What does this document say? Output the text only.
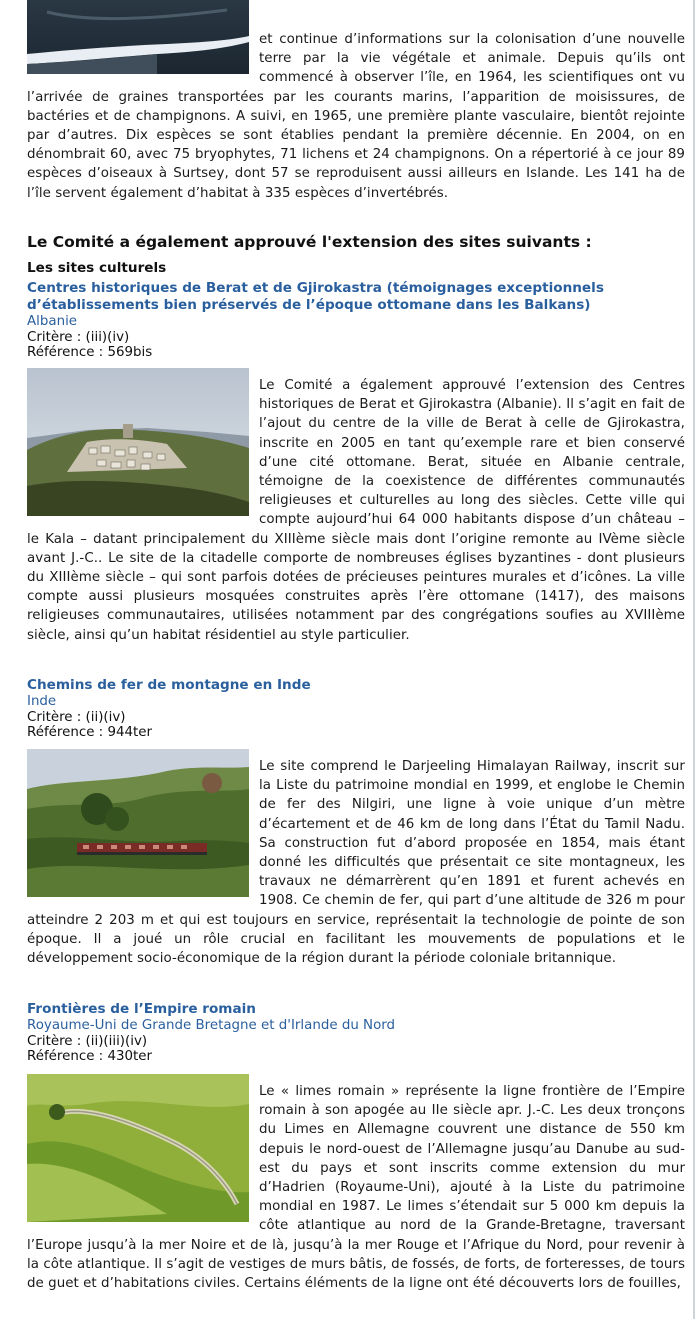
et continue d’informations sur la colonisation d’une nouvelle terre par la vie végétale et animale. Depuis qu’ils ont commencé à observer l’île, en 1964, les scientifiques ont vu l’arrivée de graines transportées par les courants marins, l’apparition de moisissures, de bactéries et de champignons. A suivi, en 1965, une première plante vasculaire, bientôt rejointe par d’autres. Dix espèces se sont établies pendant la première décennie. En 2004, on en dénombrait 60, avec 75 bryophytes, 71 lichens et 24 champignons. On a répertorié à ce jour 89 espèces d’oiseaux à Surtsey, dont 57 se reproduisent aussi ailleurs en Islande. Les 141 ha de l’île servent également d’habitat à 335 espèces d’invertébrés.

Le Comité a également approuvé l'extension des sites suivants :
Les sites culturels
Centres historiques de Berat et de Gjirokastra (témoignages exceptionnels d’établissements bien préservés de l’époque ottomane dans les Balkans)

Albanie

Critère : (iii)(iv)

Référence : 569bis

Le Comité a également approuvé l’extension des Centres historiques de Berat et Gjirokastra (Albanie). Il s’agit en fait de l’ajout du centre de la ville de Berat à celle de Gjirokastra, inscrite en 2005 en tant qu’exemple rare et bien conservé d’une cité ottomane. Berat, située en Albanie centrale, témoigne de la coexistence de différentes communautés religieuses et culturelles au long des siècles. Cette ville qui compte aujourd’hui 64 000 habitants dispose d’un château – le Kala – datant principalement du XIIIème siècle mais dont l’origine remonte au IVème siècle avant J.-C.. Le site de la citadelle comporte de nombreuses églises byzantines - dont plusieurs du XIIIème siècle – qui sont parfois dotées de précieuses peintures murales et d’icônes. La ville compte aussi plusieurs mosquées construites après l’ère ottomane (1417), des maisons religieuses communautaires, utilisées notamment par des congrégations soufies au XVIIIème siècle, ainsi qu’un habitat résidentiel au style particulier.

Chemins de fer de montagne en Inde

Inde

Critère : (ii)(iv)

Référence : 944ter

Le site comprend le Darjeeling Himalayan Railway, inscrit sur la Liste du patrimoine mondial en 1999, et englobe le Chemin de fer des Nilgiri, une ligne à voie unique d’un mètre d’écartement et de 46 km de long dans l’État du Tamil Nadu. Sa construction fut d’abord proposée en 1854, mais étant donné les difficultés que présentait ce site montagneux, les travaux ne démarrèrent qu’en 1891 et furent achevés en 1908. Ce chemin de fer, qui part d’une altitude de 326 m pour atteindre 2 203 m et qui est toujours en service, représentait la technologie de pointe de son époque. Il a joué un rôle crucial en facilitant les mouvements de populations et le développement socio-économique de la région durant la période coloniale britannique.

Frontières de l’Empire romain

Royaume-Uni de Grande Bretagne et d'Irlande du Nord

Critère : (ii)(iii)(iv)

Référence : 430ter

Le « limes romain » représente la ligne frontière de l’Empire romain à son apogée au IIe siècle apr. J.-C. Les deux tronçons du Limes en Allemagne couvrent une distance de 550 km depuis le nord-ouest de l’Allemagne jusqu’au Danube au sud-est du pays et sont inscrits comme extension du mur d’Hadrien (Royaume-Uni), ajouté à la Liste du patrimoine mondial en 1987. Le limes s’étendait sur 5 000 km depuis la côte atlantique au nord de la Grande-Bretagne, traversant l’Europe jusqu’à la mer Noire et de là, jusqu’à la mer Rouge et l’Afrique du Nord, pour revenir à la côte atlantique. Il s’agit de vestiges de murs bâtis, de fossés, de forts, de forteresses, de tours de guet et d’habitations civiles. Certains éléments de la ligne ont été découverts lors de fouilles,
